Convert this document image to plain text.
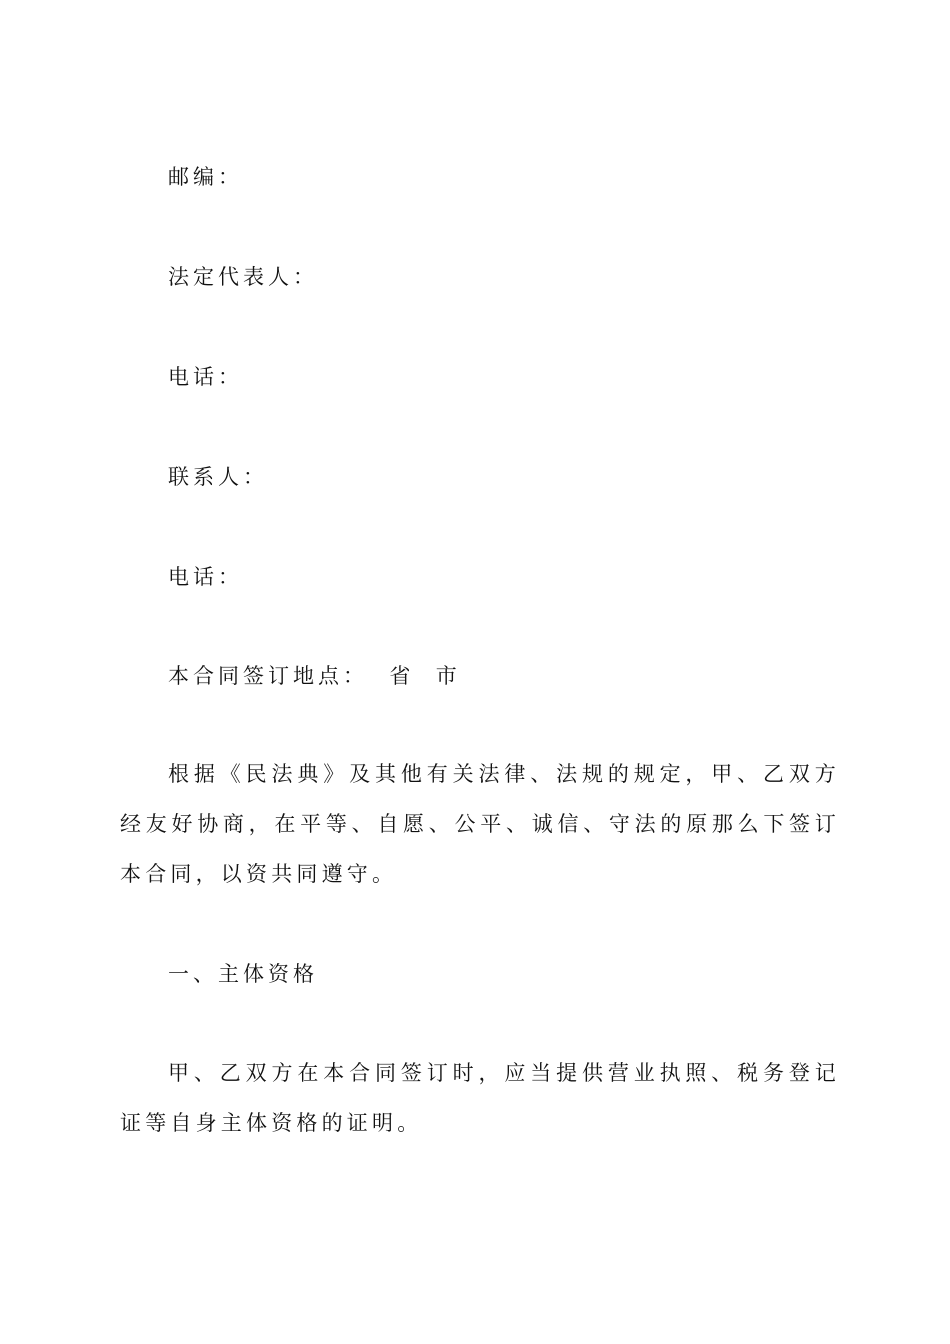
邮编：
法定代表人：
电话：
联系人：
电话：
本合同签订地点：  省  市
根据《民法典》及其他有关法律、法规的规定，甲、乙双方经友好协商，在平等、自愿、公平、诚信、守法的原那么下签订本合同，以资共同遵守。
一、主体资格
甲、乙双方在本合同签订时，应当提供营业执照、税务登记证等自身主体资格的证明。
